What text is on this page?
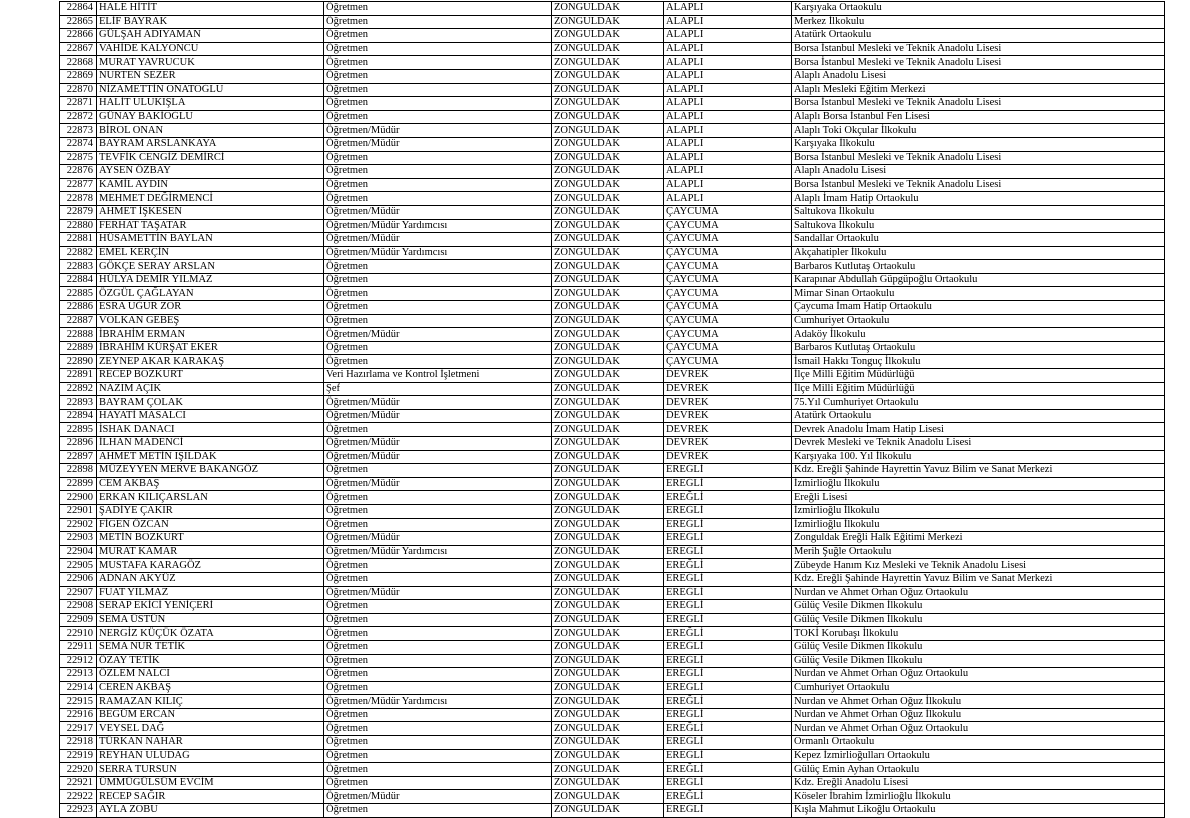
22864	HALE HİTİT	Öğretmen	ZONGULDAK	ALAPLI	Karşıyaka Ortaokulu
22865	ELİF BAYRAK	Öğretmen	ZONGULDAK	ALAPLI	Merkez İlkokulu
22866	GÜLŞAH ADIYAMAN	Öğretmen	ZONGULDAK	ALAPLI	Atatürk Ortaokulu
22867	VAHİDE KALYONCU	Öğretmen	ZONGULDAK	ALAPLI	Borsa İstanbul Mesleki ve Teknik Anadolu Lisesi
22868	MURAT YAVRUCUK	Öğretmen	ZONGULDAK	ALAPLI	Borsa İstanbul Mesleki ve Teknik Anadolu Lisesi
22869	NURTEN SEZER	Öğretmen	ZONGULDAK	ALAPLI	Alaplı Anadolu Lisesi
22870	NİZAMETTİN ONATOĞLU	Öğretmen	ZONGULDAK	ALAPLI	Alaplı Mesleki Eğitim Merkezi
22871	HALİT ULUKIŞLA	Öğretmen	ZONGULDAK	ALAPLI	Borsa İstanbul Mesleki ve Teknik Anadolu Lisesi
22872	GÜNAY BAKİOĞLU	Öğretmen	ZONGULDAK	ALAPLI	Alaplı Borsa İstanbul Fen Lisesi
22873	BİROL ONAN	Öğretmen/Müdür	ZONGULDAK	ALAPLI	Alaplı Toki Okçular İlkokulu
22874	BAYRAM ARSLANKAYA	Öğretmen/Müdür	ZONGULDAK	ALAPLI	Karşıyaka İlkokulu
22875	TEVFİK CENGİZ DEMİRCİ	Öğretmen	ZONGULDAK	ALAPLI	Borsa İstanbul Mesleki ve Teknik Anadolu Lisesi
22876	AYSEN ÖZBAY	Öğretmen	ZONGULDAK	ALAPLI	Alaplı Anadolu Lisesi
22877	KAMİL AYDIN	Öğretmen	ZONGULDAK	ALAPLI	Borsa İstanbul Mesleki ve Teknik Anadolu Lisesi
22878	MEHMET DEĞİRMENCİ	Öğretmen	ZONGULDAK	ALAPLI	Alaplı İmam Hatip Ortaokulu
22879	AHMET İŞKESEN	Öğretmen/Müdür	ZONGULDAK	ÇAYCUMA	Saltukova İlkokulu
22880	FERHAT TAŞATAR	Öğretmen/Müdür Yardımcısı	ZONGULDAK	ÇAYCUMA	Saltukova İlkokulu
22881	HÜSAMETTİN BAYLAN	Öğretmen/Müdür	ZONGULDAK	ÇAYCUMA	Sandallar Ortaokulu
22882	EMEL KERÇİN	Öğretmen/Müdür Yardımcısı	ZONGULDAK	ÇAYCUMA	Akçahatipler İlkokulu
22883	GÖKÇE SERAY ARSLAN	Öğretmen	ZONGULDAK	ÇAYCUMA	Barbaros Kutlutaş Ortaokulu
22884	HÜLYA DEMİR YILMAZ	Öğretmen	ZONGULDAK	ÇAYCUMA	Karapınar Abdullah Güpgüpoğlu Ortaokulu
22885	ÖZGÜL ÇAĞLAYAN	Öğretmen	ZONGULDAK	ÇAYCUMA	Mimar Sinan Ortaokulu
22886	ESRA UĞUR ZOR	Öğretmen	ZONGULDAK	ÇAYCUMA	Çaycuma İmam Hatip Ortaokulu
22887	VOLKAN GEBEŞ	Öğretmen	ZONGULDAK	ÇAYCUMA	Cumhuriyet Ortaokulu
22888	İBRAHİM ERMAN	Öğretmen/Müdür	ZONGULDAK	ÇAYCUMA	Adaköy İlkokulu
22889	İBRAHİM KÜRŞAT EKER	Öğretmen	ZONGULDAK	ÇAYCUMA	Barbaros Kutlutaş Ortaokulu
22890	ZEYNEP AKAR KARAKAŞ	Öğretmen	ZONGULDAK	ÇAYCUMA	İsmail Hakkı Tonguç İlkokulu
22891	RECEP BOZKURT	Veri Hazırlama ve Kontrol İşletmeni	ZONGULDAK	DEVREK	İlçe Milli Eğitim Müdürlüğü
22892	NAZIM AÇIK	Şef	ZONGULDAK	DEVREK	İlçe Milli Eğitim Müdürlüğü
22893	BAYRAM ÇOLAK	Öğretmen/Müdür	ZONGULDAK	DEVREK	75.Yıl Cumhuriyet Ortaokulu
22894	HAYATİ MASALCI	Öğretmen/Müdür	ZONGULDAK	DEVREK	Atatürk Ortaokulu
22895	İSHAK DANACI	Öğretmen	ZONGULDAK	DEVREK	Devrek Anadolu İmam Hatip Lisesi
22896	İLHAN MADENCİ	Öğretmen/Müdür	ZONGULDAK	DEVREK	Devrek Mesleki ve Teknik Anadolu Lisesi
22897	AHMET METİN IŞILDAK	Öğretmen/Müdür	ZONGULDAK	DEVREK	Karşıyaka 100. Yıl İlkokulu
22898	MÜZEYYEN MERVE BAKANGÖZ	Öğretmen	ZONGULDAK	EREĞLİ	Kdz. Ereğli Şahinde Hayrettin Yavuz Bilim ve Sanat Merkezi
22899	CEM AKBAŞ	Öğretmen/Müdür	ZONGULDAK	EREĞLİ	İzmirlioğlu İlkokulu
22900	ERKAN KILIÇARSLAN	Öğretmen	ZONGULDAK	EREĞLİ	Ereğli Lisesi
22901	ŞADİYE ÇAKIR	Öğretmen	ZONGULDAK	EREĞLİ	İzmirlioğlu İlkokulu
22902	FİGEN ÖZCAN	Öğretmen	ZONGULDAK	EREĞLİ	İzmirlioğlu İlkokulu
22903	METİN BOZKURT	Öğretmen/Müdür	ZONGULDAK	EREĞLİ	Zonguldak Ereğli Halk Eğitimi Merkezi
22904	MURAT KAMAR	Öğretmen/Müdür Yardımcısı	ZONGULDAK	EREĞLİ	Merih Şuğle Ortaokulu
22905	MUSTAFA KARAGÖZ	Öğretmen	ZONGULDAK	EREĞLİ	Zübeyde Hanım Kız Mesleki ve Teknik Anadolu Lisesi
22906	ADNAN AKYÜZ	Öğretmen	ZONGULDAK	EREĞLİ	Kdz. Ereğli Şahinde Hayrettin Yavuz Bilim ve Sanat Merkezi
22907	FUAT YILMAZ	Öğretmen/Müdür	ZONGULDAK	EREĞLİ	Nurdan ve Ahmet Orhan Oğuz Ortaokulu
22908	SERAP EKİCİ YENİÇERİ	Öğretmen	ZONGULDAK	EREĞLİ	Gülüç Vesile Dikmen İlkokulu
22909	SEMA ÜSTÜN	Öğretmen	ZONGULDAK	EREĞLİ	Gülüç Vesile Dikmen İlkokulu
22910	NERGİZ KÜÇÜK ÖZATA	Öğretmen	ZONGULDAK	EREĞLİ	TOKİ Korubaşı İlkokulu
22911	SEMA NUR TETİK	Öğretmen	ZONGULDAK	EREĞLİ	Gülüç Vesile Dikmen İlkokulu
22912	ÖZAY TETİK	Öğretmen	ZONGULDAK	EREĞLİ	Gülüç Vesile Dikmen İlkokulu
22913	ÖZLEM NALCI	Öğretmen	ZONGULDAK	EREĞLİ	Nurdan ve Ahmet Orhan Oğuz Ortaokulu
22914	CEREN AKBAŞ	Öğretmen	ZONGULDAK	EREĞLİ	Cumhuriyet Ortaokulu
22915	RAMAZAN KILIÇ	Öğretmen/Müdür Yardımcısı	ZONGULDAK	EREĞLİ	Nurdan ve Ahmet Orhan Oğuz İlkokulu
22916	BEGÜM ERCAN	Öğretmen	ZONGULDAK	EREĞLİ	Nurdan ve Ahmet Orhan Oğuz İlkokulu
22917	VEYSEL DAĞ	Öğretmen	ZONGULDAK	EREĞLİ	Nurdan ve Ahmet Orhan Oğuz Ortaokulu
22918	TÜRKAN NAHAR	Öğretmen	ZONGULDAK	EREĞLİ	Ormanlı Ortaokulu
22919	REYHAN ULUDAĞ	Öğretmen	ZONGULDAK	EREĞLİ	Kepez İzmirlioğulları Ortaokulu
22920	SERRA TURSUN	Öğretmen	ZONGULDAK	EREĞLİ	Gülüç Emin Ayhan Ortaokulu
22921	ÜMMÜGÜLSÜM EVCİM	Öğretmen	ZONGULDAK	EREĞLİ	Kdz. Ereğli Anadolu Lisesi
22922	RECEP SAĞIR	Öğretmen/Müdür	ZONGULDAK	EREĞLİ	Köseler İbrahim İzmirlioğlu İlkokulu
22923	AYLA ZOBU	Öğretmen	ZONGULDAK	EREĞLİ	Kışla Mahmut Likoğlu Ortaokulu
